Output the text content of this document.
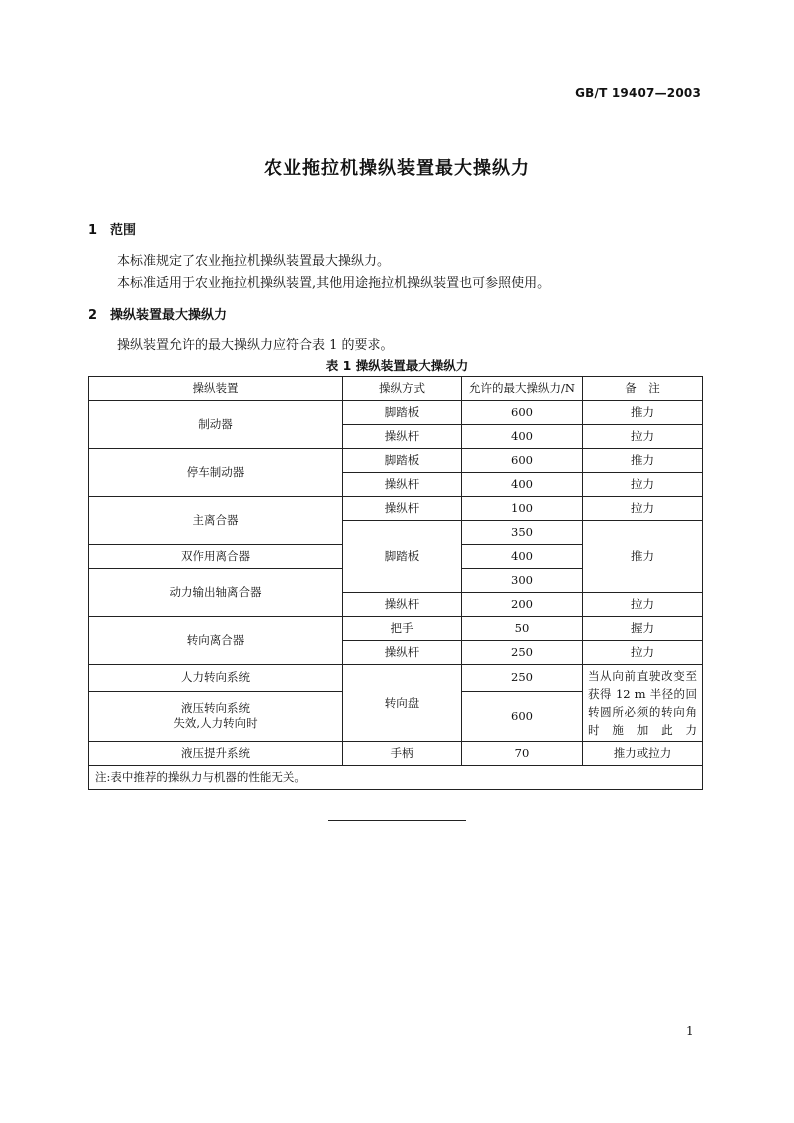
GB/T 19407—2003
农业拖拉机操纵装置最大操纵力
1 范围
本标准规定了农业拖拉机操纵装置最大操纵力。
本标准适用于农业拖拉机操纵装置,其他用途拖拉机操纵装置也可参照使用。
2 操纵装置最大操纵力
操纵装置允许的最大操纵力应符合表 1 的要求。
表 1 操纵装置最大操纵力
操纵装置	操纵方式	允许的最大操纵力/N	备　注
制动器	脚踏板	600	推力
	操纵杆	400	拉力
停车制动器	脚踏板	600	推力
	操纵杆	400	拉力
主离合器	操纵杆	100	拉力
	脚踏板	350	推力
双作用离合器		400	
动力输出轴离合器		300	
	操纵杆	200	拉力
转向离合器	把手	50	握力
	操纵杆	250	拉力
人力转向系统	转向盘	250	当从向前直驶改变至获得 12 m 半径的回转圆所必须的转向角时施加此力

液压转向系统
失效,人力转向时		600	
液压提升系统	手柄	70	推力或拉力
注:表中推荐的操纵力与机器的性能无关。			
1
